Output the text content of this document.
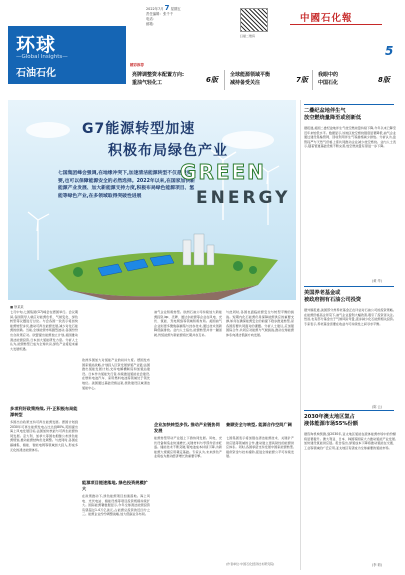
环球
—Global Insights—
石油石化
2022年7月 7 星期五
责任编辑：张千千
电话：
邮箱：
扫描二维码
中國石化報
5
精彩推荐
亮牌调整资本配置方向:
重油气轻化工	6版
全球能源领域平衡
减持备受关注	7版
我眼中的
中国石化	8版
G7能源转型加速
积极布局绿色产业
七国集团峰会强调,在地缘冲突下,加速清洁能源转型不仅是现实需要,也可以保障能源安全的必然选择。2022年以来,在国家加快新能源产业发展、加大新能源支持力度,积极布局绿色能源项目、氢能等绿色产业,在多领域取得突破性进展
GREEN
ENERGY
■ 徐某某
七月中旬,七国集团(G7)峰会在德国举行。会议期间,各国领导人就应对能源危机、气候变化、绿色转型等议题进行讨论。与会各国一致表示将加快能源转型步伐,推动可再生能源发展,减少对化石能源的依赖。当前,全球能源市场剧烈波动,各国纷纷出台政策应对。欧盟提出能源独立计划,美国推动清洁能源投资,日本加大氢能研发力度。分析人士认为,能源转型已成为全球共识,绿色产业将迎来重大发展机遇。
多项利好政策持续, 开·正积极布局能源转型
多国出台政策支持可再生能源发展。德国计划到2030年可再生能源发电占比达到80%,英国提出海上风电发展目标,法国加快核能与可再生能源协同发展。意大利、加拿大等国也相继公布绿色能源规划,推动能源结构优化调整。与此同时,各国在碳捕集、储能、智能电网等领域加大投入,形成多元化的清洁能源体系。
欧洲多国加大对氢能产业的扶持力度。德国发布国家氢能战略,计划投入巨资发展绿氢产业链;法国推出氢能发展计划,支持电解槽制造和加氢站建设。日本作为氢能先行者,持续推进氢能社会建设,在燃料电池汽车、家用燃料电池等领域处于领先地位。美国通过基础设施法案,拨款建设区域清洁氢能中心。
能源项目提速落地, 绿色投资规模扩大
在政策推动下,绿色能源项目加速落地。海上风电、光伏电站、储能设施等项目投资规模持续扩大。国际能源署数据显示,今年全球清洁能源投资有望超过1.4万亿美元,占能源总投资的近四分之三。能源企业纷纷调整战略,加大低碳业务布局。
油气企业积极转型。欧洲石油公司持续加大新能源投资,bp、壳牌、道达尔能源等企业在风电、光伏、氢能、充电网络等领域积极布局。美国油气企业则更多聚焦碳捕集与封存技术,通过技术创新降低碳排放。业内人士指出,能源转型并非一蹴而就,传统能源与新能源将长期并存互补。
企业加快转型步伐, 推动产业链协同发展
能源转型带动产业链上下游协同发展。风电、光伏设备制造业快速增长,关键材料与零部件需求旺盛。储能技术不断突破,锂电池成本持续下降,为新能源大规模应用奠定基础。专家认为,未来绿色产业将成为推动经济增长的重要引擎。
与此同时,各国也面临能源安全与转型平衡的挑战。短期内化石能源仍是保障能源供应的重要支撑,如何在确保能源安全的前提下稳步推进转型,是各国需要共同面对的课题。分析人士建议,应加强国际合作,共同应对能源与气候挑战,推动全球能源体系向清洁低碳方向发展。
兼顾安全与转型, 能源合作空间广阔
七国集团表示将加强在清洁能源技术、关键矿产供应链等领域的合作,推动建立更具韧性的能源供应体系。同时,各国承诺支持发展中国家能源转型,提供资金与技术援助,促进全球能源公平可持续发展。
(作者单位:中国石化经济技术研究院)
二叠纪盆地伴生气
放空燃烧量降至或创新低
据报道,美国二叠纪盆地伴生气放空燃烧量持续下降,今年以来已降至近年来较低水平。数据显示,该地区放空燃烧强度显著降低,油气企业通过建设集输管网、回收利用伴生气等措施减少排放。分析认为,监管趋严与天然气价格上涨共同推动企业减少放空燃烧。业内人士表示,随着管道基础设施不断完善,放空燃烧量有望进一步下降。
(黄 华)
美国养老基金或
被政府拥有石油公司投资
据外媒报道,美国部分州养老基金正在评估对石油公司的投资策略。在能源价格高企背景下,油气企业盈利大幅改善,吸引了投资者关注。然而,也有部分基金出于气候风险考量,逐步减少化石能源相关投资。专家表示,养老基金需要在收益与可持续性之间寻求平衡。
(陈 云)
2030年澳太地区氢占
液体能源市场55%份额
据咨询机构预测,到2030年,亚太地区氢能在液体能源市场中的份额将显著提升。澳大利亚、日本、韩国等国家大力推动氢能产业发展,加快建设氢能供应链。报告指出,绿氢成本下降将推动氢能在交通、工业等领域的广泛应用,亚太地区有望成为全球重要的氢能市场。
(李 莉)
